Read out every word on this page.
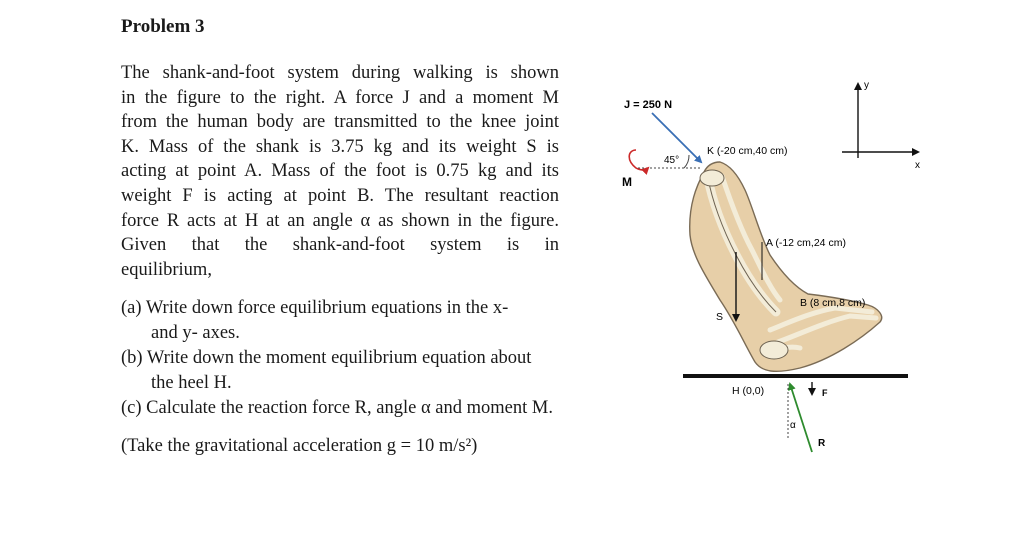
Problem 3
The shank-and-foot system during walking is shown
in the figure to the right. A force J and a moment M
from the human body are transmitted to the knee joint
K. Mass of the shank is 3.75 kg and its weight S is
acting at point A. Mass of the foot is 0.75 kg and its
weight F is acting at point B. The resultant reaction
force R acts at H at an angle α as shown in the figure.
Given that the shank-and-foot system is in
equilibrium,
(a) Write down force equilibrium equations in the x-
and y- axes.
(b) Write down the moment equilibrium equation about
the heel H.
(c) Calculate the reaction force R, angle α and moment M.
(Take the gravitational acceleration g = 10 m/s²)
y
x
J = 250 N
45°
M
K (-20 cm,40 cm)
A (-12 cm,24 cm)
S
B (8 cm,8 cm)
F
H (0,0)
α
R
